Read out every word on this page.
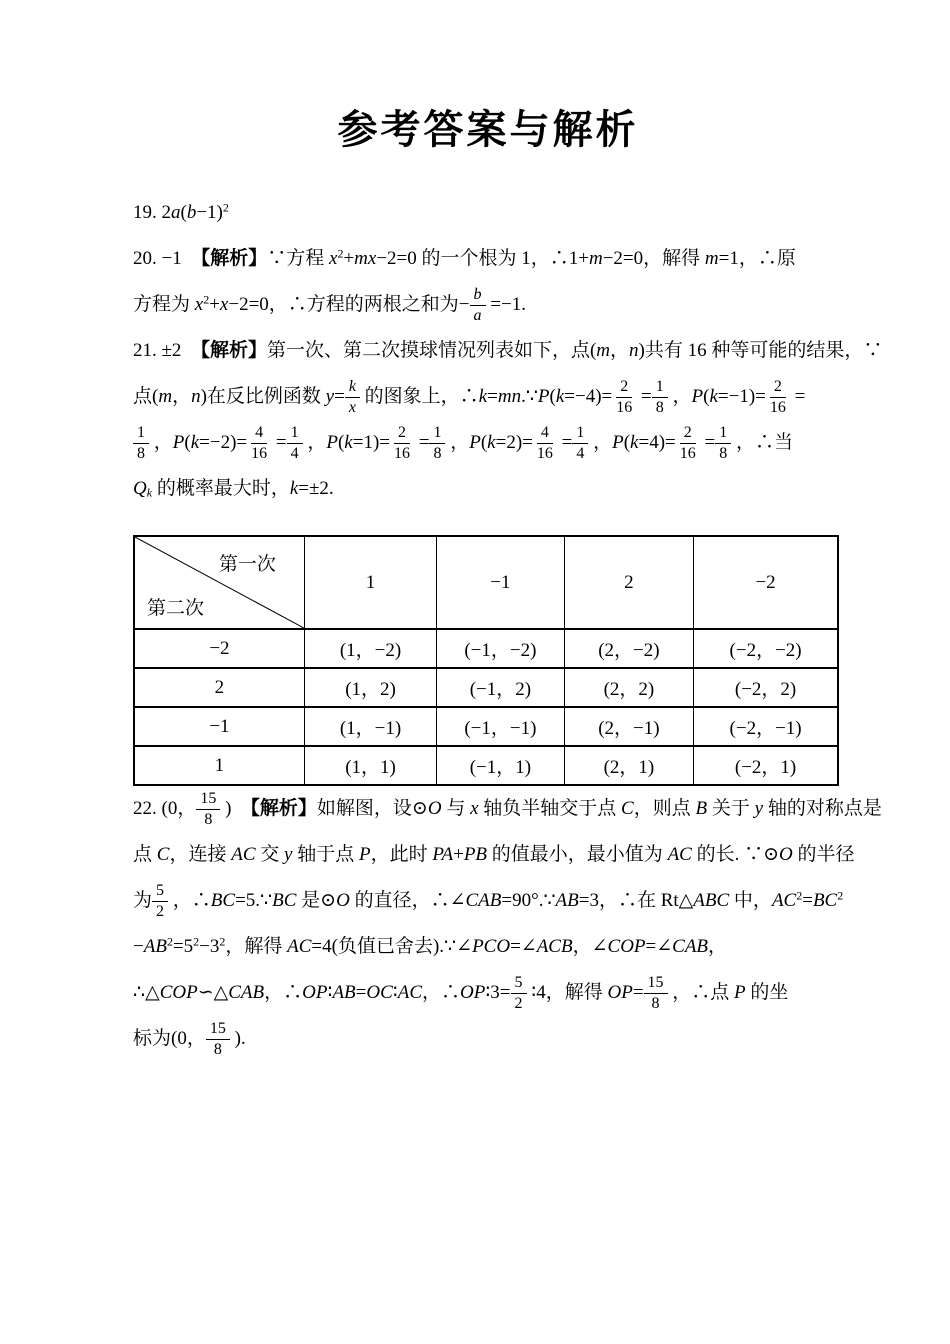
参考答案与解析
19. $2a(b-1)^2$
20. −1　【解析】∵方程 $x^2+mx-2=0$ 的一个根为 1，∴1+m−2=0，解得 m=1，∴原
方程为 $x^2+x-2=0$，∴方程的两根之和为− $\frac{b}{a} =-1$.
21. ±2　【解析】第一次、第二次摸球情况列表如下，点(m，n)共有 16 种等可能的结果，∵
点(m，n)在反比例函数 $y= \frac{k}{x}$ 的图象上，∴k=mn.∵P(k=−4)= $\frac{2}{16} = \frac{1}{8}$ ，$P(k=-1)= \frac{2}{16}$ =
$\frac{1}{8}$ ，$P(k=-2)= \frac{4}{16} = \frac{1}{4}$ ，$P(k=1)= \frac{2}{16} = \frac{1}{8}$ ，$P(k=2)= \frac{4}{16} = \frac{1}{4}$ ，$P(k=4)= \frac{2}{16} = \frac{1}{8}$ ，∴当
$Q_k$ 的概率最大时，k=±2.
第一次
第二次	1	−1	2	−2
−2	(1，−2)	(−1，−2)	(2，−2)	(−2，−2)
2	(1，2)	(−1，2)	(2，2)	(−2，2)
−1	(1，−1)	(−1，−1)	(2，−1)	(−2，−1)
1	(1，1)	(−1，1)	(2，1)	(−2，1)
22. (0， $\frac{15}{8}$ )　【解析】如解图，设⊙O 与 x 轴负半轴交于点 C，则点 B 关于 y 轴的对称点是
点 C，连接 AC 交 y 轴于点 P，此时 PA+PB 的值最小，最小值为 AC 的长. ∵⊙O 的半径
为 $\frac{5}{2}$ ，∴BC=5.∵BC 是⊙O 的直径，∴∠CAB=90°.∵AB=3，∴在 Rt△ABC 中，$AC^2=BC^2$
$-AB^2=5^2-3^2$，解得 AC=4(负值已舍去).∵∠PCO=∠ACB，∠COP=∠CAB，
∴△COP∽△CAB，∴OP∶AB=OC∶AC，∴OP∶3= $\frac{5}{2}$ ∶4，解得 $OP= \frac{15}{8}$ ，∴点 P 的坐
标为(0， $\frac{15}{8}$ ).
